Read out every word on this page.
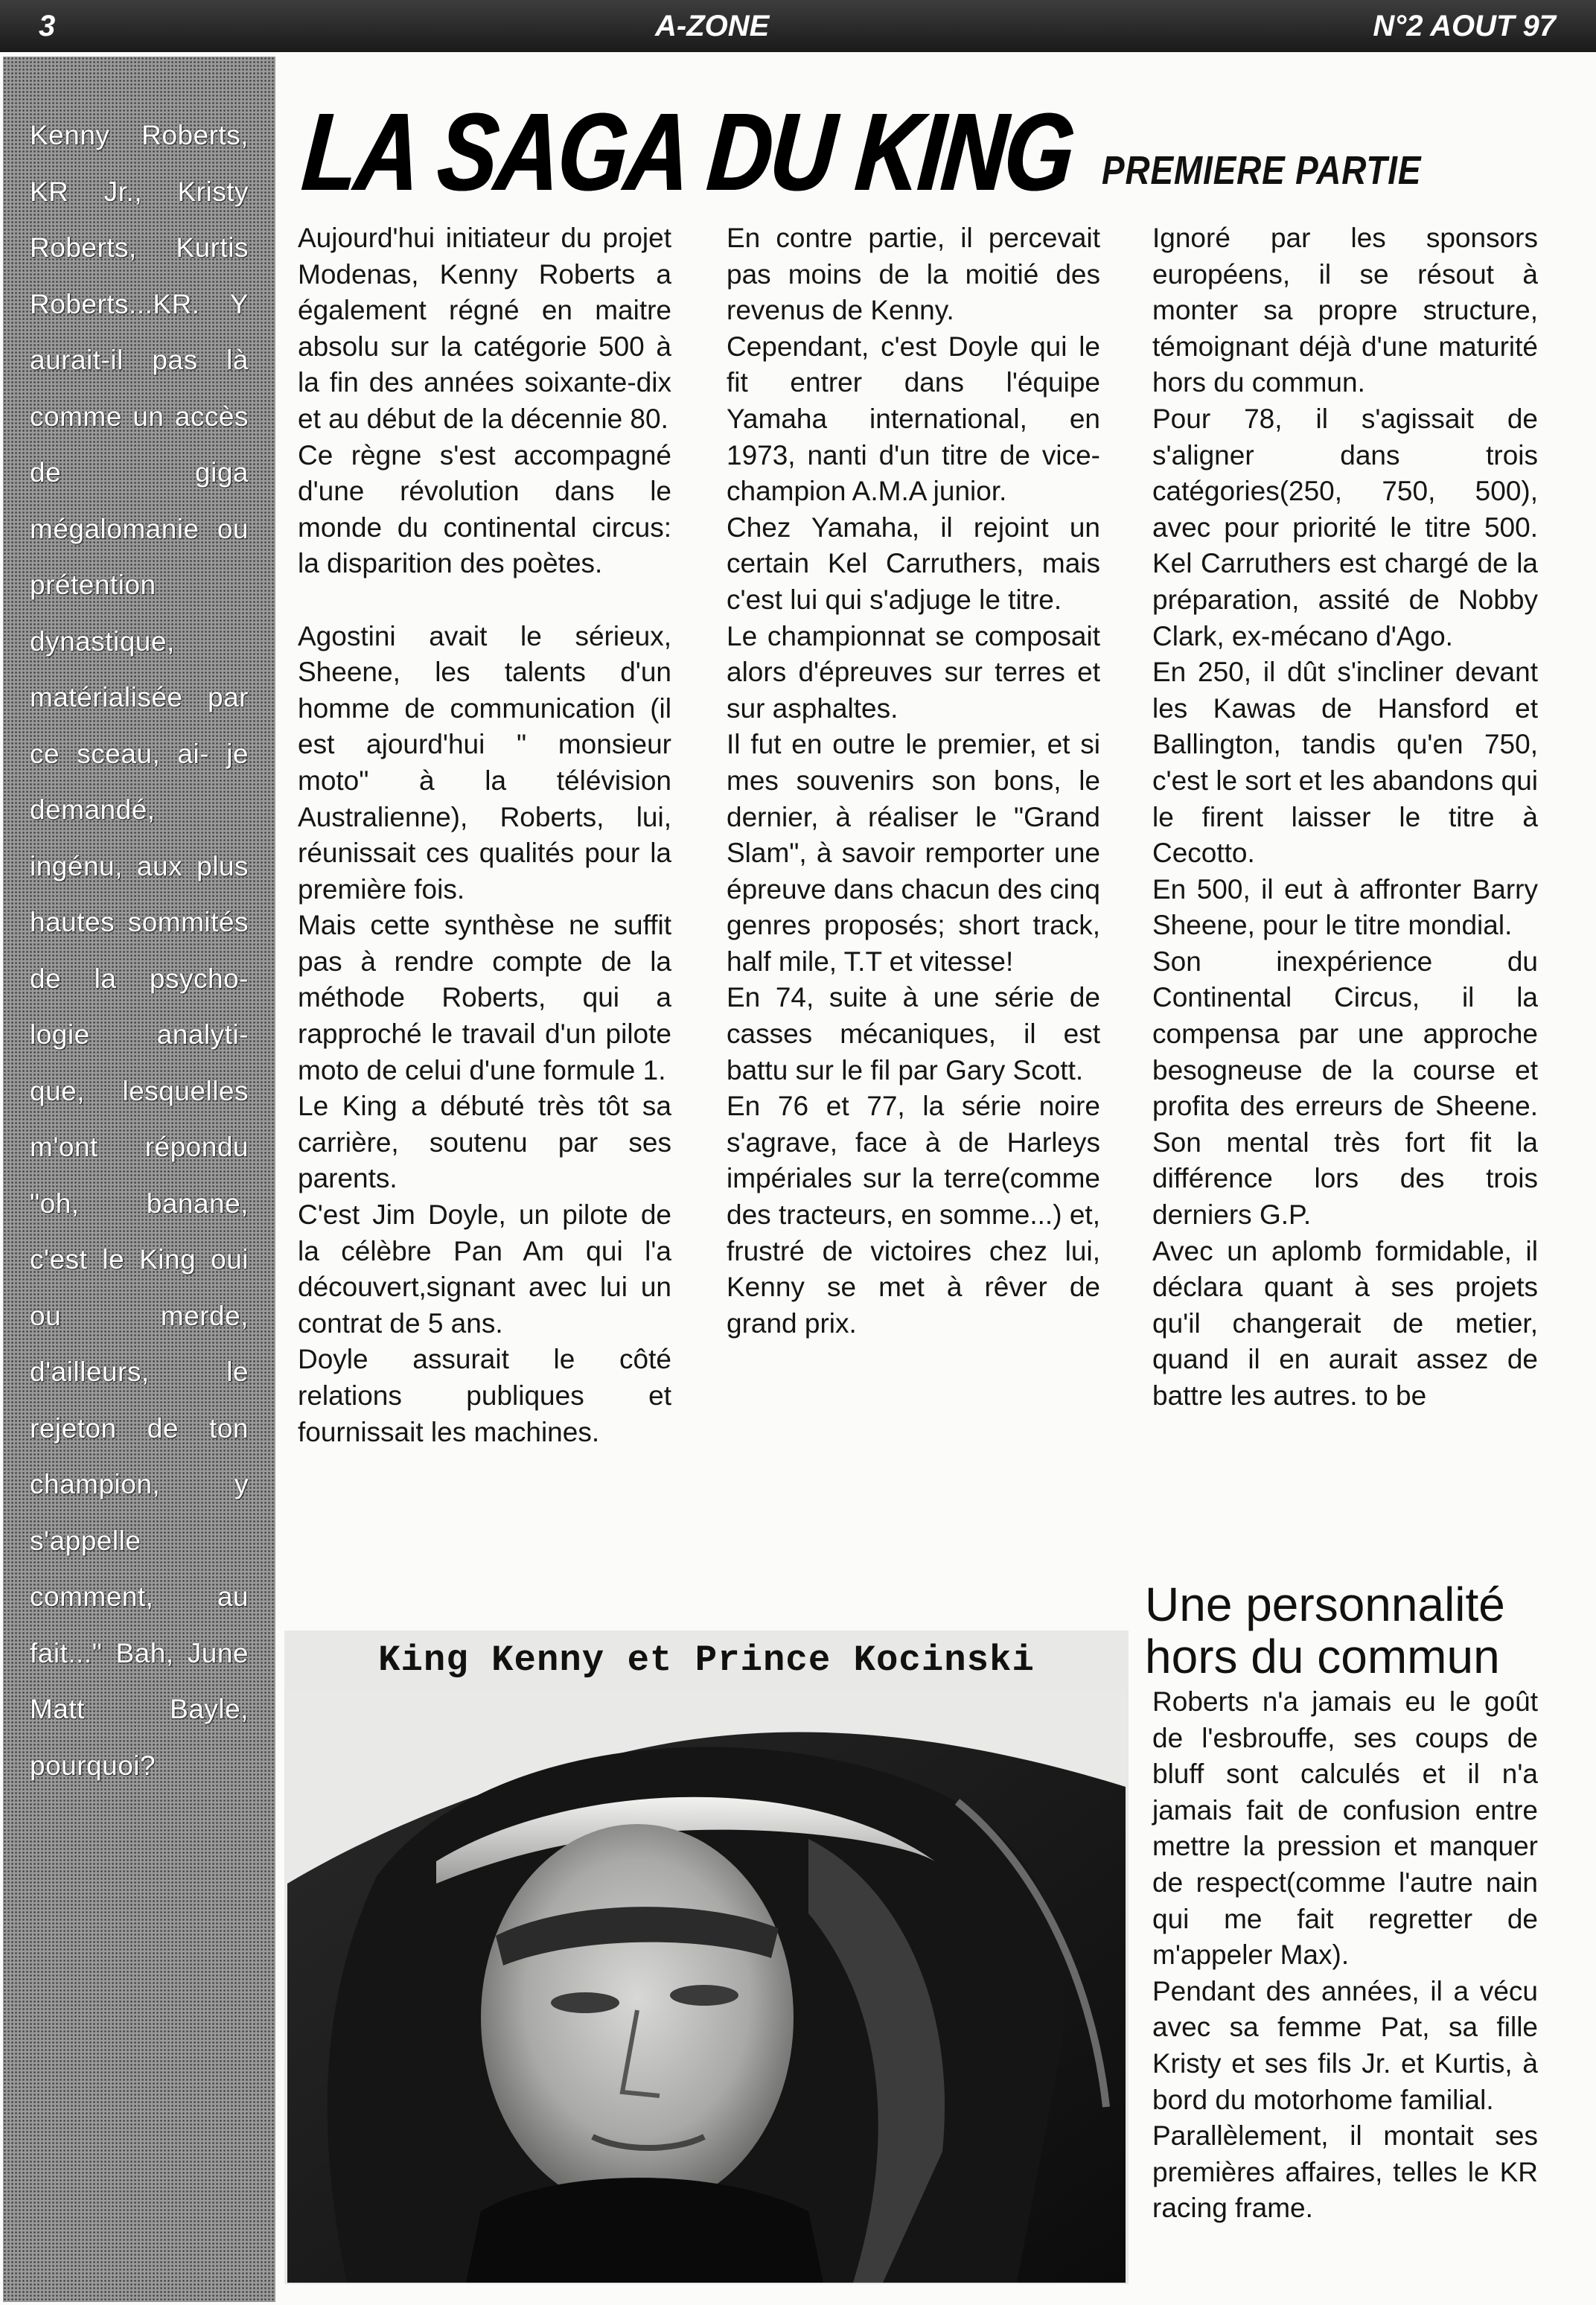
3	A-ZONE	N°2 AOUT 97

Kenny Roberts, KR Jr., Kristy Roberts, Kurtis Roberts...KR. Y aurait-il pas là comme un accès de giga mégalomanie ou prétention dynastique, matérialisée par ce sceau, ai- je demandé, ingénu, aux plus hautes sommités de la psycho- logie analyti- que, lesquelles m'ont répondu "oh, banane, c'est le King oui ou merde, d'ailleurs, le rejeton de ton champion, y s'appelle comment, au fait..." Bah, June Matt Bayle, pourquoi?

LA SAGA DU KING PREMIERE PARTIE

Aujourd'hui initiateur du projet Modenas, Kenny Roberts a également régné en maitre absolu sur la catégorie 500 à la fin des années soixante-dix et au début de la décennie 80.

Ce règne s'est accompagné d'une révolution dans le monde du continental circus: la disparition des poètes.

Agostini avait le sérieux, Sheene, les talents d'un homme de communication (il est ajourd'hui " monsieur moto" à la télévision Australienne), Roberts, lui, réunissait ces qualités pour la première fois.

Mais cette synthèse ne suffit pas à rendre compte de la méthode Roberts, qui a rapproché le travail d'un pilote moto de celui d'une formule 1.

Le King a débuté très tôt sa carrière, soutenu par ses parents.

C'est Jim Doyle, un pilote de la célèbre Pan Am qui l'a découvert,signant avec lui un contrat de 5 ans.

Doyle assurait le côté relations publiques et fournissait les machines.

En contre partie, il percevait pas moins de la moitié des revenus de Kenny.

Cependant, c'est Doyle qui le fit entrer dans l'équipe Yamaha international, en 1973, nanti d'un titre de vice-champion A.M.A junior.

Chez Yamaha, il rejoint un certain Kel Carruthers, mais c'est lui qui s'adjuge le titre.

Le championnat se composait alors d'épreuves sur terres et sur asphaltes.

Il fut en outre le premier, et si mes souvenirs son bons, le dernier, à réaliser le "Grand Slam", à savoir remporter une épreuve dans chacun des cinq genres proposés; short track, half mile, T.T et vitesse!

En 74, suite à une série de casses mécaniques, il est battu sur le fil par Gary Scott.

En 76 et 77, la série noire s'agrave, face à de Harleys impériales sur la terre(comme des tracteurs, en somme...) et, frustré de victoires chez lui, Kenny se met à rêver de grand prix.

Ignoré par les sponsors européens, il se résout à monter sa propre structure, témoignant déjà d'une maturité hors du commun.

Pour 78, il s'agissait de s'aligner dans trois catégories(250, 750, 500), avec pour priorité le titre 500. Kel Carruthers est chargé de la préparation, assité de Nobby Clark, ex-mécano d'Ago.

En 250, il dût s'incliner devant les Kawas de Hansford et Ballington, tandis qu'en 750, c'est le sort et les abandons qui le firent laisser le titre à Cecotto.

En 500, il eut à affronter Barry Sheene, pour le titre mondial.

Son inexpérience du Continental Circus, il la compensa par une approche besogneuse de la course et profita des erreurs de Sheene. Son mental très fort fit la différence lors des trois derniers G.P.

Avec un aplomb formidable, il déclara quant à ses projets qu'il changerait de metier, quand il en aurait assez de battre les autres. to be

King Kenny et Prince Kocinski
Une personnalité hors du commun

Roberts n'a jamais eu le goût de l'esbrouffe, ses coups de bluff sont calculés et il n'a jamais fait de confusion entre mettre la pression et manquer de respect(comme l'autre nain qui me fait regretter de m'appeler Max).

Pendant des années, il a vécu avec sa femme Pat, sa fille Kristy et ses fils Jr. et Kurtis, à bord du motorhome familial.

Parallèlement, il montait ses premières affaires, telles le KR racing frame.
